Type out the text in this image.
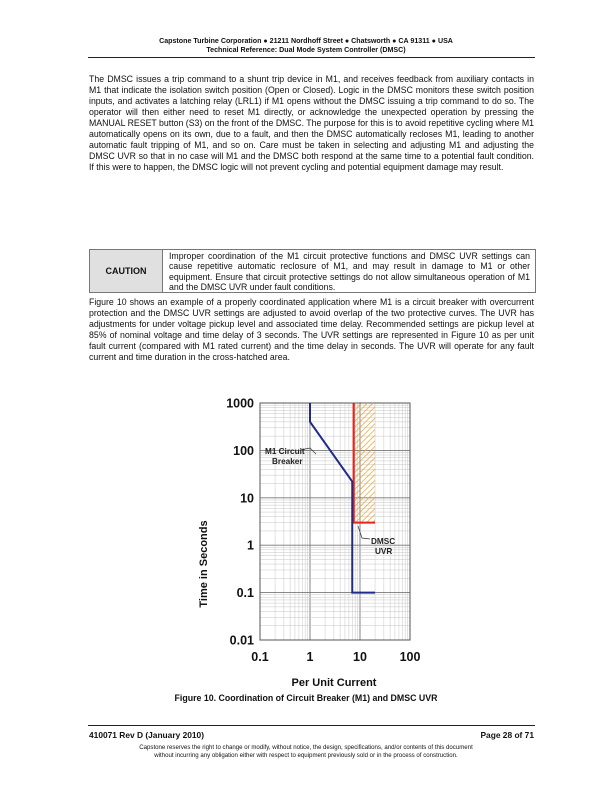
Capstone Turbine Corporation ● 21211 Nordhoff Street ● Chatsworth ● CA 91311 ● USA
Technical Reference: Dual Mode System Controller (DMSC)
The DMSC issues a trip command to a shunt trip device in M1, and receives feedback from auxiliary contacts in M1 that indicate the isolation switch position (Open or Closed). Logic in the DMSC monitors these switch position inputs, and activates a latching relay (LRL1) if M1 opens without the DMSC issuing a trip command to do so. The operator will then either need to reset M1 directly, or acknowledge the unexpected operation by pressing the MANUAL RESET button (S3) on the front of the DMSC. The purpose for this is to avoid repetitive cycling where M1 automatically opens on its own, due to a fault, and then the DMSC automatically recloses M1, leading to another automatic fault tripping of M1, and so on. Care must be taken in selecting and adjusting M1 and adjusting the DMSC UVR so that in no case will M1 and the DMSC both respond at the same time to a potential fault condition. If this were to happen, the DMSC logic will not prevent cycling and potential equipment damage may result.
CAUTION
Improper coordination of the M1 circuit protective functions and DMSC UVR settings can cause repetitive automatic reclosure of M1, and may result in damage to M1 or other equipment. Ensure that circuit protective settings do not allow simultaneous operation of M1 and the DMSC UVR under fault conditions.
Figure 10 shows an example of a properly coordinated application where M1 is a circuit breaker with overcurrent protection and the DMSC UVR settings are adjusted to avoid overlap of the two protective curves. The UVR has adjustments for under voltage pickup level and associated time delay. Recommended settings are pickup level at 85% of nominal voltage and time delay of 3 seconds. The UVR settings are represented in Figure 10 as per unit fault current (compared with M1 rated current) and the time delay in seconds. The UVR will operate for any fault current and time duration in the cross-hatched area.
1000
100
10
1
0.1
0.01
0.1	1	10	100
Time in Seconds
Per Unit Current
M1 Circuit Breaker
DMSC UVR
Figure 10. Coordination of Circuit Breaker (M1) and DMSC UVR
410071 Rev D (January 2010)	Page 28 of 71
Capstone reserves the right to change or modify, without notice, the design, specifications, and/or contents of this document
without incurring any obligation either with respect to equipment previously sold or in the process of construction.
